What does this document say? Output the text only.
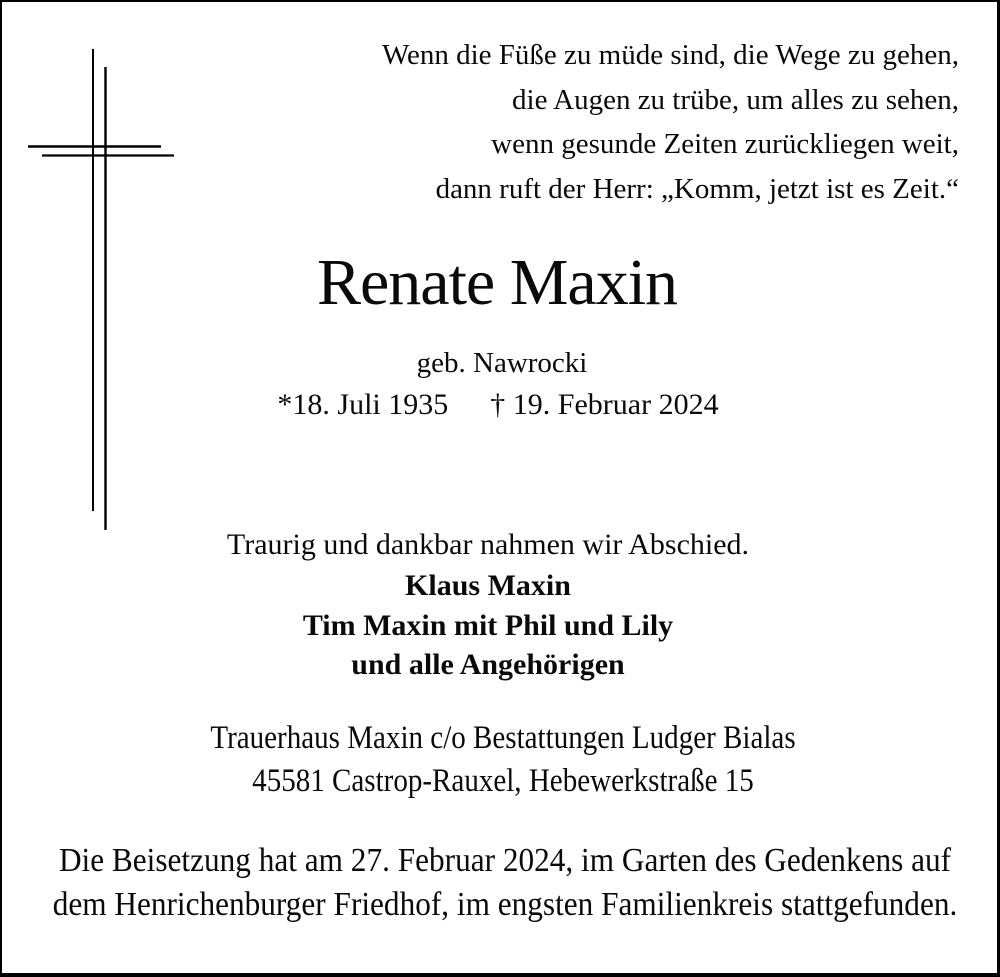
Wenn die Füße zu müde sind, die Wege zu gehen,
die Augen zu trübe, um alles zu sehen,
wenn gesunde Zeiten zurückliegen weit,
dann ruft der Herr: „Komm, jetzt ist es Zeit.“
Renate Maxin
geb. Nawrocki
*18. Juli 1935 † 19. Februar 2024
Traurig und dankbar nahmen wir Abschied.
Klaus Maxin
Tim Maxin mit Phil und Lily
und alle Angehörigen
Trauerhaus Maxin c/o Bestattungen Ludger Bialas
45581 Castrop-Rauxel, Hebewerkstraße 15
Die Beisetzung hat am 27. Februar 2024, im Garten des Gedenkens auf
dem Henrichenburger Friedhof, im engsten Familienkreis stattgefunden.
